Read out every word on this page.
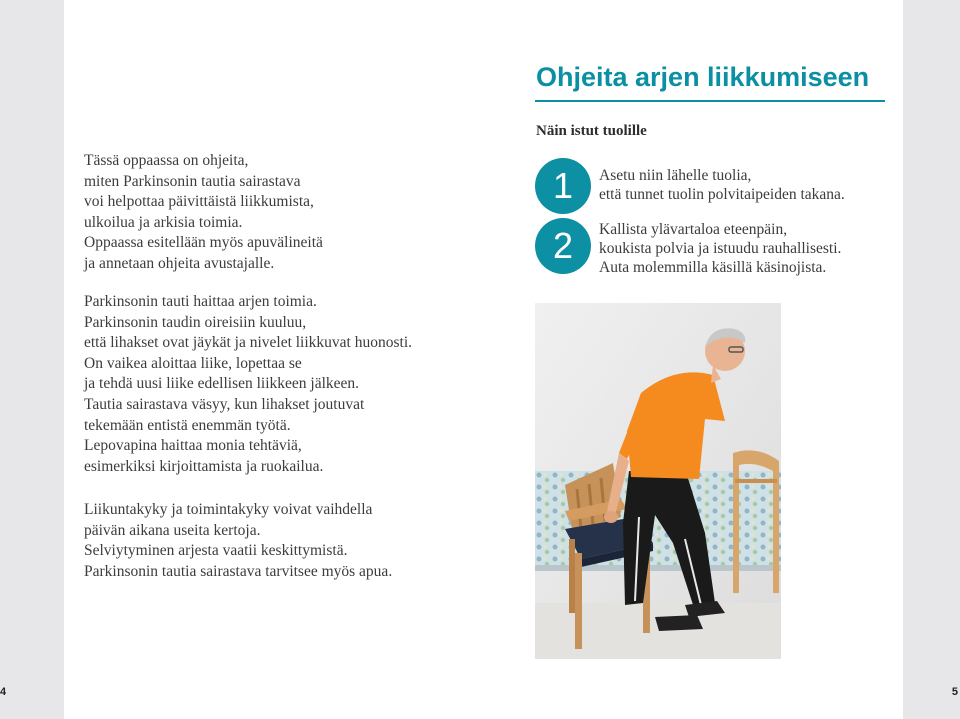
4	5
Tässä oppaassa on ohjeita,
miten Parkinsonin tautia sairastava
voi helpottaa päivittäistä liikkumista,
ulkoilua ja arkisia toimia.
Oppaassa esitellään myös apuvälineitä
ja annetaan ohjeita avustajalle.
Parkinsonin tauti haittaa arjen toimia.
Parkinsonin taudin oireisiin kuuluu,
että lihakset ovat jäykät ja nivelet liikkuvat huonosti.
On vaikea aloittaa liike, lopettaa se
ja tehdä uusi liike edellisen liikkeen jälkeen.
Tautia sairastava väsyy, kun lihakset joutuvat
tekemään entistä enemmän työtä.
Lepovapina haittaa monia tehtäviä,
esimerkiksi kirjoittamista ja ruokailua.
Liikuntakyky ja toimintakyky voivat vaihdella
päivän aikana useita kertoja.
Selviytyminen arjesta vaatii keskittymistä.
Parkinsonin tautia sairastava tarvitsee myös apua.
Ohjeita arjen liikkumiseen
Näin istut tuolille
1	Asetu niin lähelle tuolia,
että tunnet tuolin polvitaipeiden takana.
2	Kallista ylävartaloa eteenpäin,
koukista polvia ja istuudu rauhallisesti.
Auta molemmilla käsillä käsinojista.
